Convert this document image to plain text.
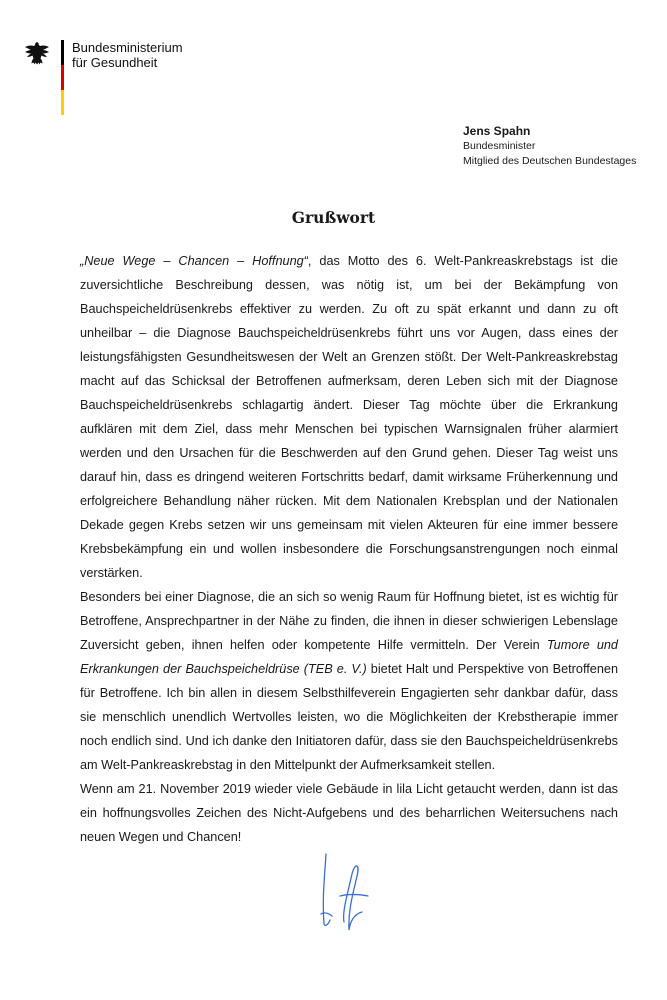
Bundesministerium
für Gesundheit
Jens Spahn
Bundesminister
Mitglied des Deutschen Bundestages
Grußwort

„Neue Wege – Chancen – Hoffnung“, das Motto des 6. Welt-Pankreaskrebstags ist die zuversichtliche Beschreibung dessen, was nötig ist, um bei der Bekämpfung von Bauchspeicheldrüsenkrebs effektiver zu werden. Zu oft zu spät erkannt und dann zu oft unheilbar – die Diagnose Bauchspeicheldrüsenkrebs führt uns vor Augen, dass eines der leistungsfähigsten Gesundheitswesen der Welt an Grenzen stößt. Der Welt-Pankreaskrebstag macht auf das Schicksal der Betroffenen aufmerksam, deren Leben sich mit der Diagnose Bauchspeicheldrüsenkrebs schlagartig ändert. Dieser Tag möchte über die Erkrankung aufklären mit dem Ziel, dass mehr Menschen bei typischen Warnsignalen früher alarmiert werden und den Ursachen für die Beschwerden auf den Grund gehen. Dieser Tag weist uns darauf hin, dass es dringend weiteren Fortschritts bedarf, damit wirksame Früherkennung und erfolgreichere Behandlung näher rücken. Mit dem Nationalen Krebsplan und der Nationalen Dekade gegen Krebs setzen wir uns gemeinsam mit vielen Akteuren für eine immer bessere Krebsbekämpfung ein und wollen insbesondere die Forschungsanstrengungen noch einmal verstärken.

Besonders bei einer Diagnose, die an sich so wenig Raum für Hoffnung bietet, ist es wichtig für Betroffene, Ansprechpartner in der Nähe zu finden, die ihnen in dieser schwierigen Lebenslage Zuversicht geben, ihnen helfen oder kompetente Hilfe vermitteln. Der Verein Tumore und Erkrankungen der Bauchspeicheldrüse (TEB e. V.) bietet Halt und Perspektive von Betroffenen für Betroffene. Ich bin allen in diesem Selbsthilfeverein Engagierten sehr dankbar dafür, dass sie menschlich unendlich Wertvolles leisten, wo die Möglichkeiten der Krebstherapie immer noch endlich sind. Und ich danke den Initiatoren dafür, dass sie den Bauchspeicheldrüsenkrebs am Welt-Pankreaskrebstag in den Mittelpunkt der Aufmerksamkeit stellen.

Wenn am 21. November 2019 wieder viele Gebäude in lila Licht getaucht werden, dann ist das ein hoffnungsvolles Zeichen des Nicht-Aufgebens und des beharrlichen Weitersuchens nach neuen Wegen und Chancen!
